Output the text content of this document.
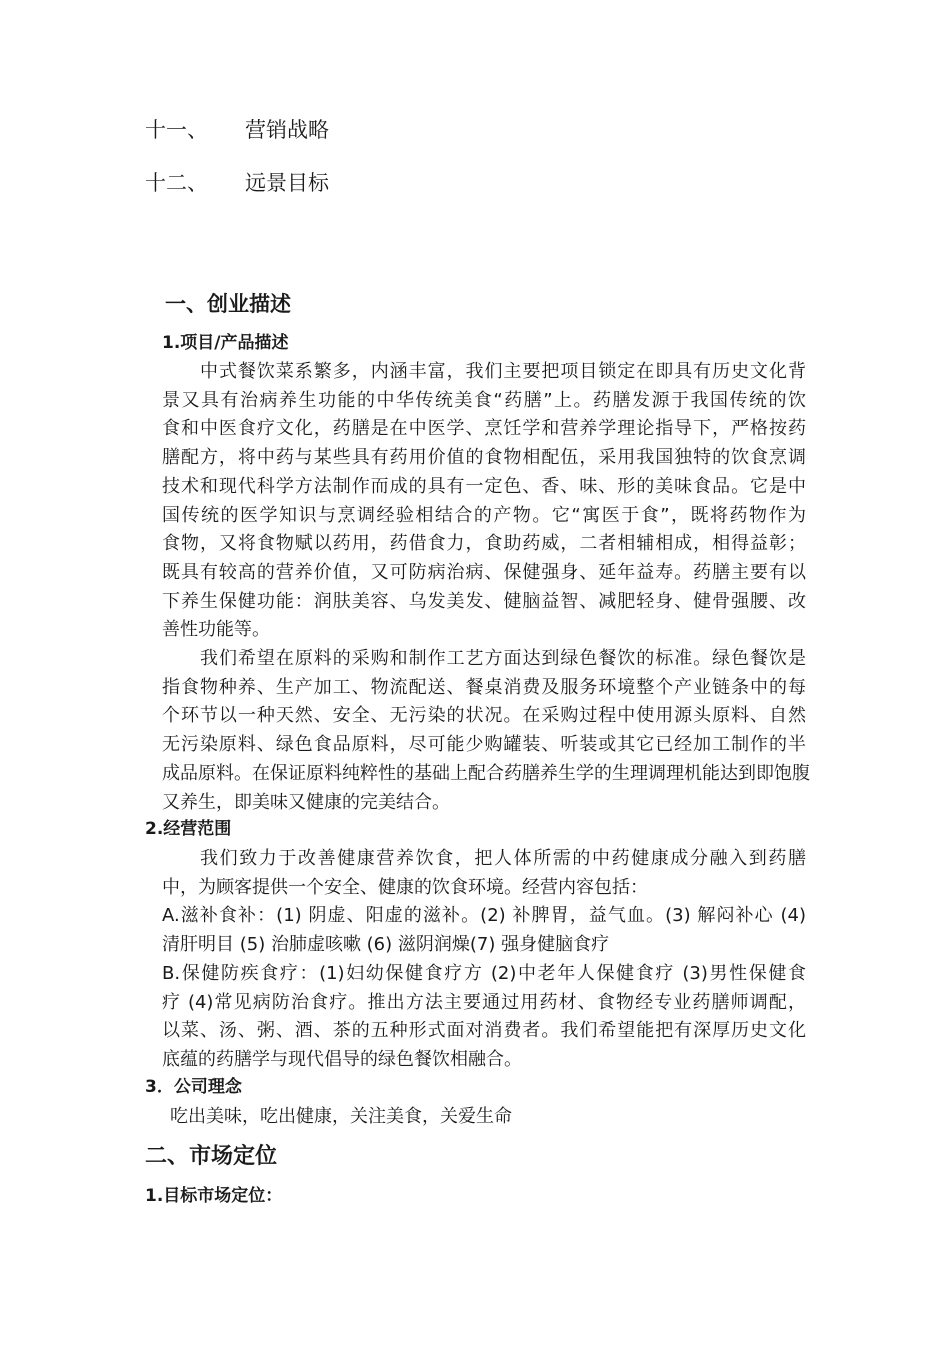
十一、 营销战略
十二、 远景目标
一、创业描述
1.项目/产品描述
中式餐饮菜系繁多，内涵丰富，我们主要把项目锁定在即具有历史文化背
景又具有治病养生功能的中华传统美食“药膳”上。药膳发源于我国传统的饮
食和中医食疗文化，药膳是在中医学、烹饪学和营养学理论指导下，严格按药
膳配方，将中药与某些具有药用价值的食物相配伍，采用我国独特的饮食烹调
技术和现代科学方法制作而成的具有一定色、香、味、形的美味食品。它是中
国传统的医学知识与烹调经验相结合的产物。它“寓医于食”，既将药物作为
食物，又将食物赋以药用，药借食力，食助药威，二者相辅相成，相得益彰；
既具有较高的营养价值，又可防病治病、保健强身、延年益寿。药膳主要有以
下养生保健功能：润肤美容、乌发美发、健脑益智、减肥轻身、健骨强腰、改
善性功能等。
我们希望在原料的采购和制作工艺方面达到绿色餐饮的标准。绿色餐饮是
指食物种养、生产加工、物流配送、餐桌消费及服务环境整个产业链条中的每
个环节以一种天然、安全、无污染的状况。在采购过程中使用源头原料、自然
无污染原料、绿色食品原料，尽可能少购罐装、听装或其它已经加工制作的半
成品原料。在保证原料纯粹性的基础上配合药膳养生学的生理调理机能达到即饱腹
又养生，即美味又健康的完美结合。
2.经营范围
我们致力于改善健康营养饮食，把人体所需的中药健康成分融入到药膳
中，为顾客提供一个安全、健康的饮食环境。经营内容包括：
A.滋补食补：(1) 阴虚、阳虚的滋补。(2) 补脾胃，益气血。(3) 解闷补心 (4)
清肝明目 (5) 治肺虚咳嗽 (6) 滋阴润燥(7) 强身健脑食疗
B.保健防疾食疗：(1)妇幼保健食疗方 (2)中老年人保健食疗 (3)男性保健食
疗 (4)常见病防治食疗。推出方法主要通过用药材、食物经专业药膳师调配，
以菜、汤、粥、酒、茶的五种形式面对消费者。我们希望能把有深厚历史文化
底蕴的药膳学与现代倡导的绿色餐饮相融合。
3．公司理念
吃出美味，吃出健康，关注美食，关爱生命
二、市场定位
1.目标市场定位：
